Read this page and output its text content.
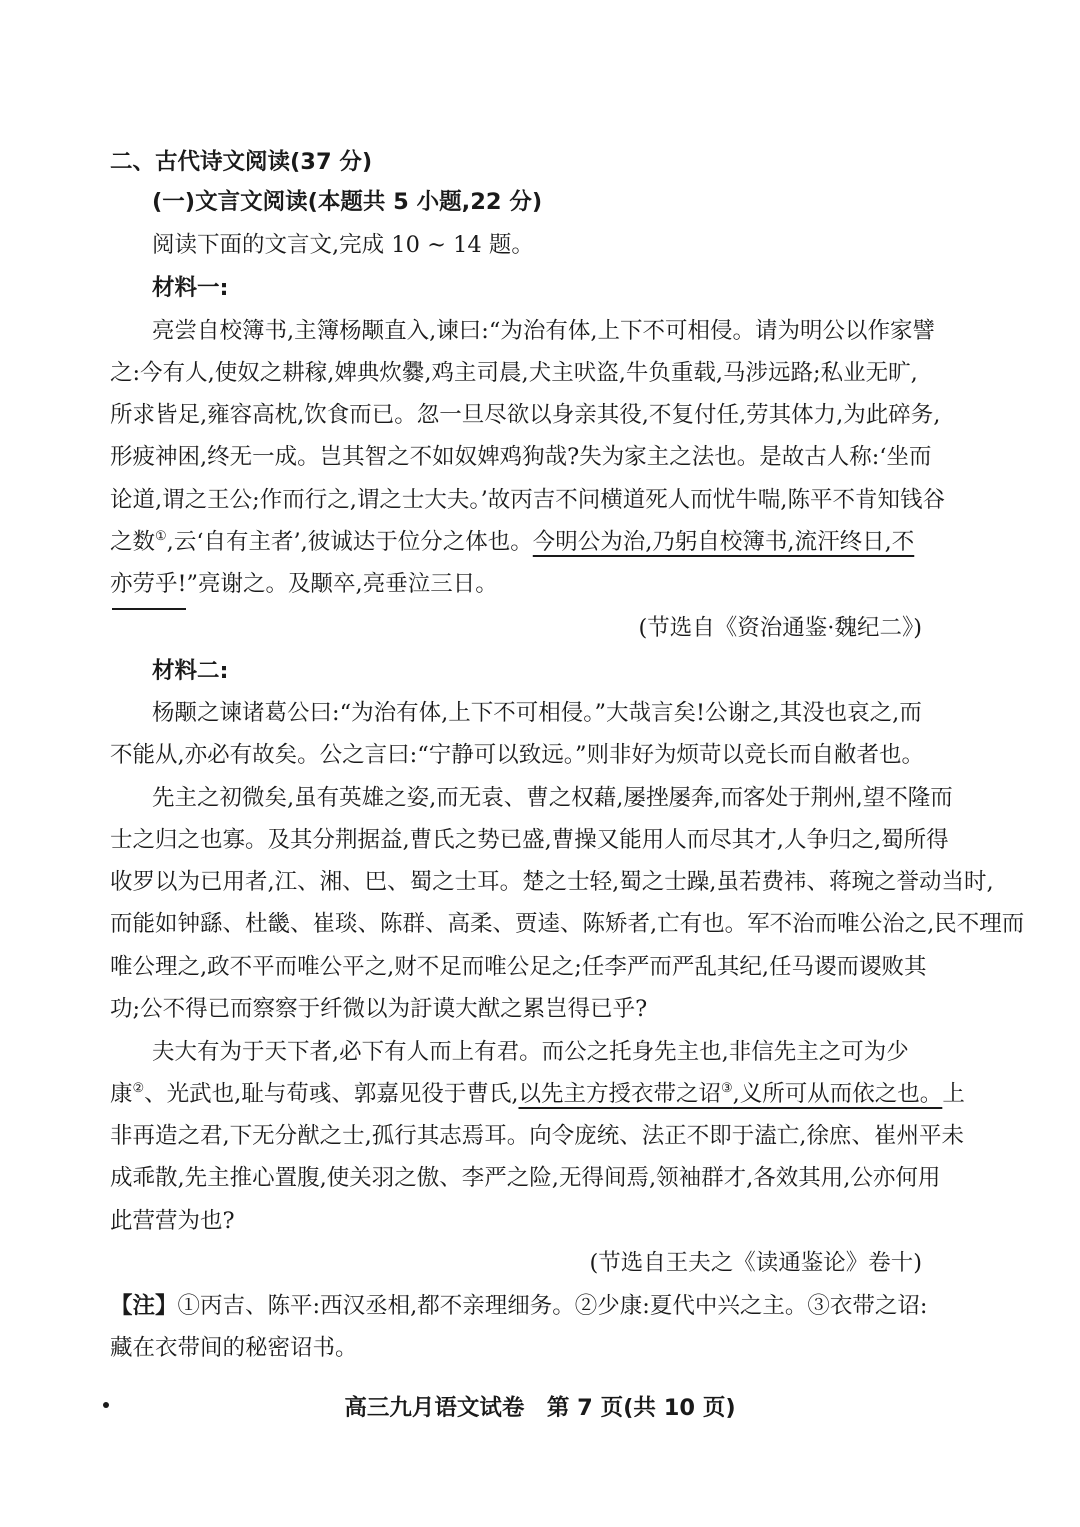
二、古代诗文阅读(37 分)
(一)文言文阅读(本题共 5 小题,22 分)
阅读下面的文言文,完成 10 ~ 14 题。
材料一:
亮尝自校簿书,主簿杨颙直入,谏曰:“为治有体,上下不可相侵。请为明公以作家譬
之:今有人,使奴之耕稼,婢典炊爨,鸡主司晨,犬主吠盗,牛负重载,马涉远路;私业无旷,
所求皆足,雍容高枕,饮食而已。忽一旦尽欲以身亲其役,不复付任,劳其体力,为此碎务,
形疲神困,终无一成。岂其智之不如奴婢鸡狗哉?失为家主之法也。是故古人称:‘坐而
论道,谓之王公;作而行之,谓之士大夫。’故丙吉不问横道死人而忧牛喘,陈平不肯知钱谷
之数①,云‘自有主者’,彼诚达于位分之体也。今明公为治,乃躬自校簿书,流汗终日,不
亦劳乎!”亮谢之。及颙卒,亮垂泣三日。
(节选自《资治通鉴·魏纪二》)
材料二:
杨颙之谏诸葛公曰:“为治有体,上下不可相侵。”大哉言矣!公谢之,其没也哀之,而
不能从,亦必有故矣。公之言曰:“宁静可以致远。”则非好为烦苛以竞长而自敝者也。
先主之初微矣,虽有英雄之姿,而无袁、曹之权藉,屡挫屡奔,而客处于荆州,望不隆而
士之归之也寡。及其分荆据益,曹氏之势已盛,曹操又能用人而尽其才,人争归之,蜀所得
收罗以为已用者,江、湘、巴、蜀之士耳。楚之士轻,蜀之士躁,虽若费祎、蒋琬之誉动当时,
而能如钟繇、杜畿、崔琰、陈群、高柔、贾逵、陈矫者,亡有也。军不治而唯公治之,民不理而
唯公理之,政不平而唯公平之,财不足而唯公足之;任李严而严乱其纪,任马谡而谡败其
功;公不得已而察察于纤微以为訏谟大猷之累岂得已乎?
夫大有为于天下者,必下有人而上有君。而公之托身先主也,非信先主之可为少
康②、光武也,耻与荀彧、郭嘉见役于曹氏,以先主方授衣带之诏③,义所可从而依之也。上
非再造之君,下无分猷之士,孤行其志焉耳。向令庞统、法正不即于溘亡,徐庶、崔州平未
成乖散,先主推心置腹,使关羽之傲、李严之险,无得间焉,领袖群才,各效其用,公亦何用
此营营为也?
(节选自王夫之《读通鉴论》卷十)
【注】①丙吉、陈平:西汉丞相,都不亲理细务。②少康:夏代中兴之主。③衣带之诏:
藏在衣带间的秘密诏书。
高三九月语文试卷　第 7 页(共 10 页)
